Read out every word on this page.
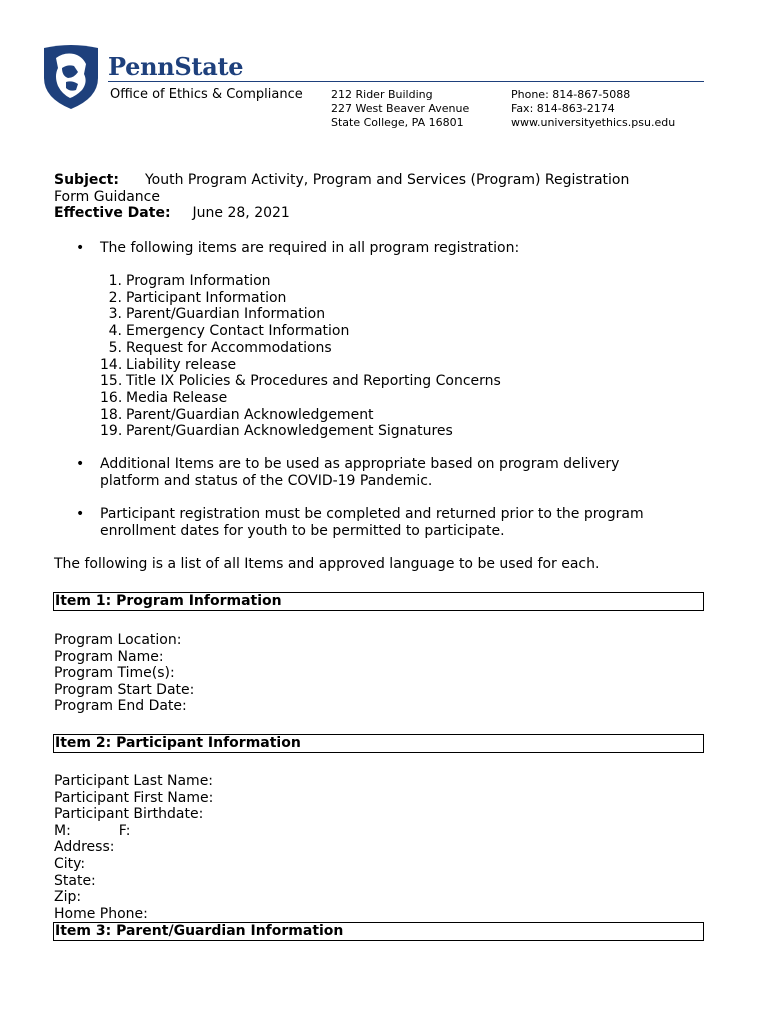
PennState
Office of Ethics & Compliance	212 Rider Building
227 West Beaver Avenue
State College, PA 16801
Phone: 814-867-5088
Fax: 814-863-2174
www.universityethics.psu.edu
Subject: Youth Program Activity, Program and Services (Program) Registration
Form Guidance
Effective Date: June 28, 2021
• The following items are required in all program registration:
1. Program Information
2. Participant Information
3. Parent/Guardian Information
4. Emergency Contact Information
5. Request for Accommodations
14. Liability release
15. Title IX Policies & Procedures and Reporting Concerns
16. Media Release
18. Parent/Guardian Acknowledgement
19. Parent/Guardian Acknowledgement Signatures
• Additional Items are to be used as appropriate based on program delivery
platform and status of the COVID-19 Pandemic.
• Participant registration must be completed and returned prior to the program
enrollment dates for youth to be permitted to participate.
The following is a list of all Items and approved language to be used for each.
Item 1: Program Information
Program Location:
Program Name:
Program Time(s):
Program Start Date:
Program End Date:
Item 2: Participant Information
Participant Last Name:
Participant First Name:
Participant Birthdate:
M:	F:
Address:
City:
State:
Zip:
Home Phone:
Item 3: Parent/Guardian Information
